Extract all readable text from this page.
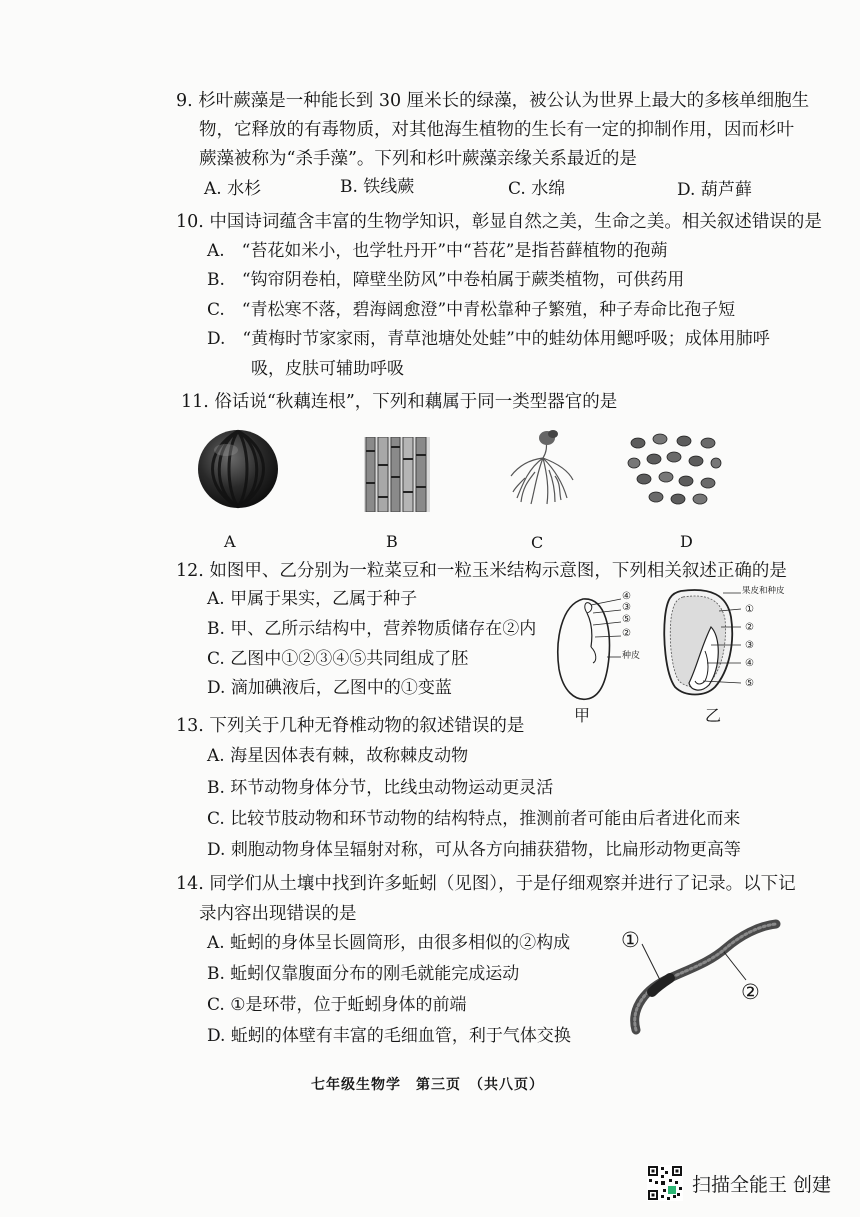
9. 杉叶蕨藻是一种能长到 30 厘米长的绿藻，被公认为世界上最大的多核单细胞生
物，它释放的有毒物质，对其他海生植物的生长有一定的抑制作用，因而杉叶
蕨藻被称为“杀手藻”。下列和杉叶蕨藻亲缘关系最近的是
A. 水杉	B. 铁线蕨	C. 水绵	D. 葫芦藓
10. 中国诗词蕴含丰富的生物学知识，彰显自然之美，生命之美。相关叙述错误的是
A.　“苔花如米小，也学牡丹开”中“苔花”是指苔藓植物的孢蒴
B.　“钩帘阴卷柏，障壁坐防风”中卷柏属于蕨类植物，可供药用
C.　“青松寒不落，碧海阔愈澄”中青松靠种子繁殖，种子寿命比孢子短
D.　“黄梅时节家家雨，青草池塘处处蛙”中的蛙幼体用鳃呼吸；成体用肺呼
吸，皮肤可辅助呼吸
11. 俗话说“秋藕连根”，下列和藕属于同一类型器官的是
A	B	C	D
12. 如图甲、乙分别为一粒菜豆和一粒玉米结构示意图，下列相关叙述正确的是
A. 甲属于果实，乙属于种子
B. 甲、乙所示结构中，营养物质储存在②内
C. 乙图中①②③④⑤共同组成了胚
D. 滴加碘液后，乙图中的①变蓝
④
③
⑤
②
种皮
果皮和种皮
①
②
③
④
⑤
甲	乙
13. 下列关于几种无脊椎动物的叙述错误的是
A. 海星因体表有棘，故称棘皮动物
B. 环节动物身体分节，比线虫动物运动更灵活
C. 比较节肢动物和环节动物的结构特点，推测前者可能由后者进化而来
D. 刺胞动物身体呈辐射对称，可从各方向捕获猎物，比扁形动物更高等
14. 同学们从土壤中找到许多蚯蚓（见图），于是仔细观察并进行了记录。以下记
录内容出现错误的是
A. 蚯蚓的身体呈长圆筒形，由很多相似的②构成
B. 蚯蚓仅靠腹面分布的刚毛就能完成运动
C. ①是环带，位于蚯蚓身体的前端
D. 蚯蚓的体壁有丰富的毛细血管，利于气体交换
①
②
七年级生物学　第三页　（共八页）
扫描全能王 创建
